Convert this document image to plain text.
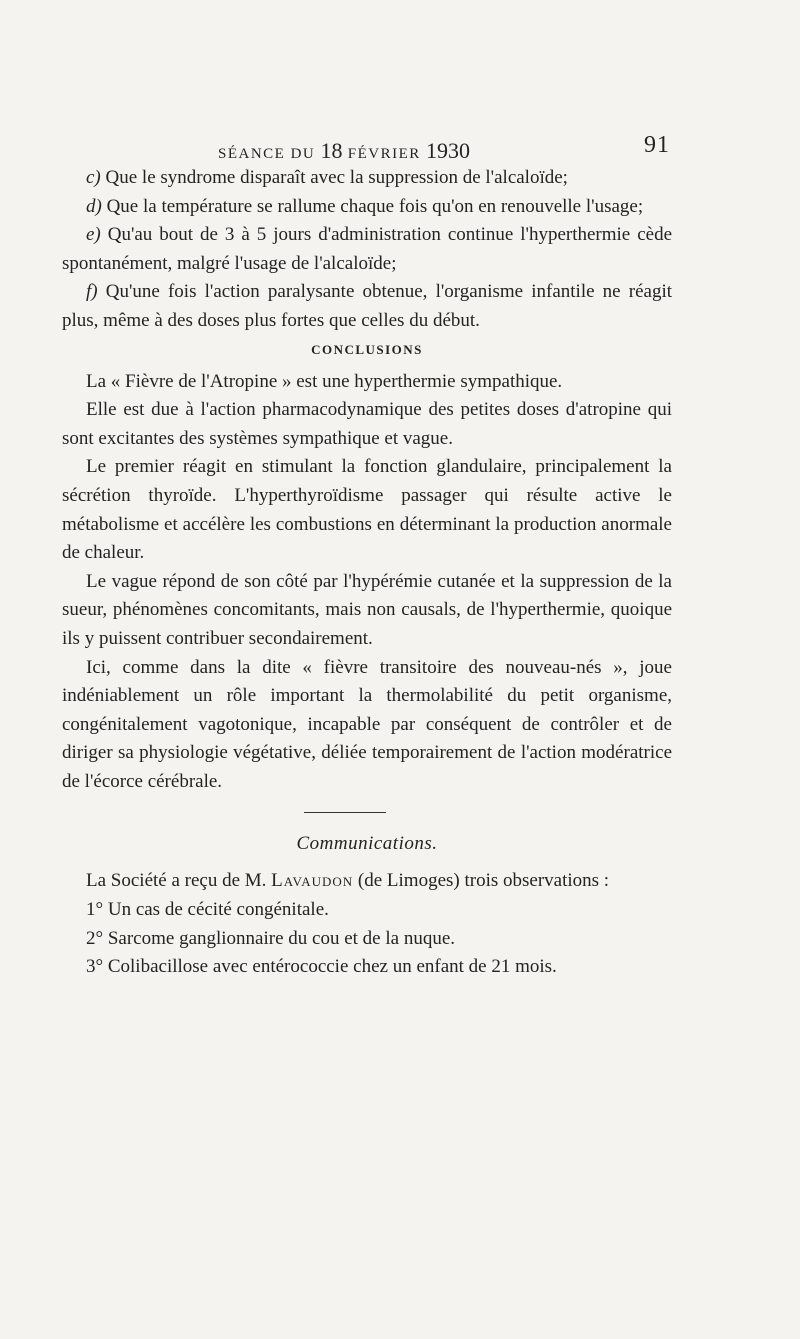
SÉANCE DU 18 FÉVRIER 1930	91

c) Que le syndrome disparaît avec la suppression de l'alcaloïde;

d) Que la température se rallume chaque fois qu'on en renouvelle l'usage;

e) Qu'au bout de 3 à 5 jours d'administration continue l'hyperthermie cède spontanément, malgré l'usage de l'alcaloïde;

f) Qu'une fois l'action paralysante obtenue, l'organisme infantile ne réagit plus, même à des doses plus fortes que celles du début.

CONCLUSIONS

La « Fièvre de l'Atropine » est une hyperthermie sympathique.

Elle est due à l'action pharmacodynamique des petites doses d'atropine qui sont excitantes des systèmes sympathique et vague.

Le premier réagit en stimulant la fonction glandulaire, principalement la sécrétion thyroïde. L'hyperthyroïdisme passager qui résulte active le métabolisme et accélère les combustions en déterminant la production anormale de chaleur.

Le vague répond de son côté par l'hypérémie cutanée et la suppression de la sueur, phénomènes concomitants, mais non causals, de l'hyperthermie, quoique ils y puissent contribuer secondairement.

Ici, comme dans la dite « fièvre transitoire des nouveau-nés », joue indéniablement un rôle important la thermolabilité du petit organisme, congénitalement vagotonique, incapable par conséquent de contrôler et de diriger sa physiologie végétative, déliée temporairement de l'action modératrice de l'écorce cérébrale.

Communications.

La Société a reçu de M. Lavaudon (de Limoges) trois observations :

1° Un cas de cécité congénitale.

2° Sarcome ganglionnaire du cou et de la nuque.

3° Colibacillose avec entérococcie chez un enfant de 21 mois.
